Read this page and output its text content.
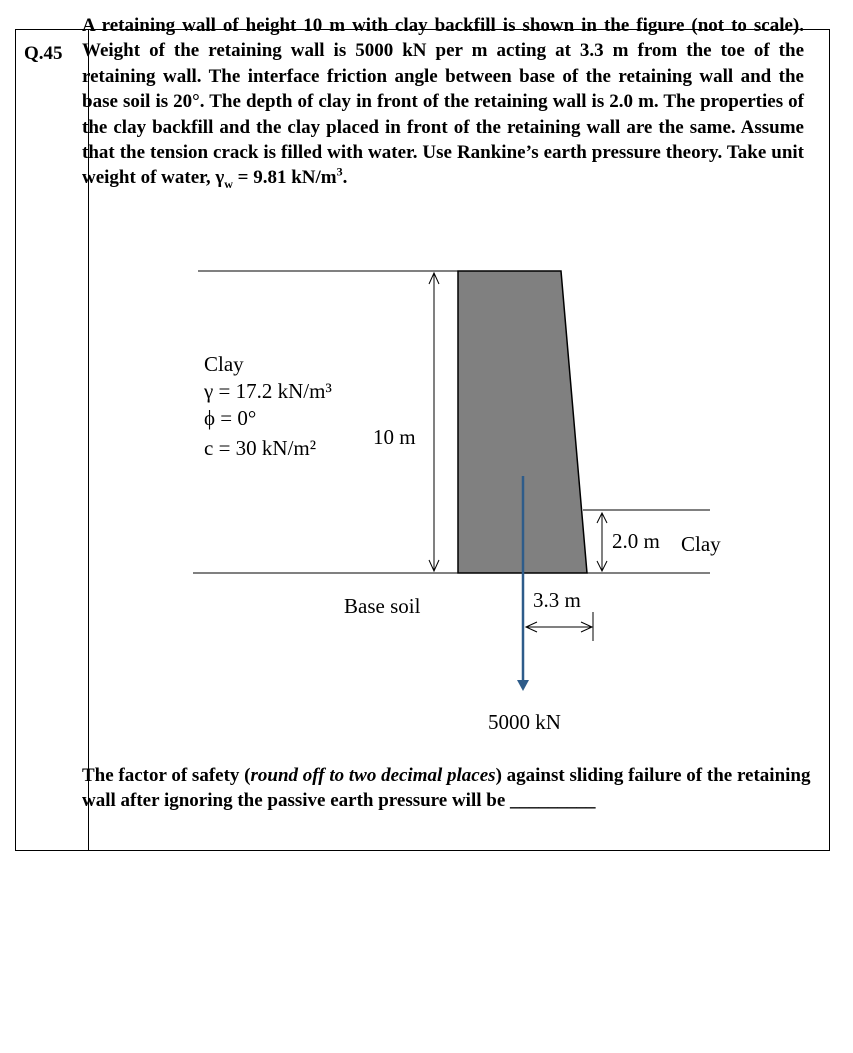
Q.45
A retaining wall of height 10 m with clay backfill is shown in the figure (not to scale). Weight of the retaining wall is 5000 kN per m acting at 3.3 m from the toe of the retaining wall. The interface friction angle between base of the retaining wall and the base soil is 20°. The depth of clay in front of the retaining wall is 2.0 m. The properties of the clay backfill and the clay placed in front of the retaining wall are the same. Assume that the tension crack is filled with water. Use Rankine’s earth pressure theory. Take unit weight of water, $\gamma_w = 9.81$ $kN/m^3$.
10 m
Clay
γ = 17.2 kN/m³
ϕ = 0°
c = 30 kN/m²
2.0 m Clay
Base soil
5000 kN
3.3 m
The factor of safety (round off to two decimal places) against sliding failure of the retaining wall after ignoring the passive earth pressure will be _________
